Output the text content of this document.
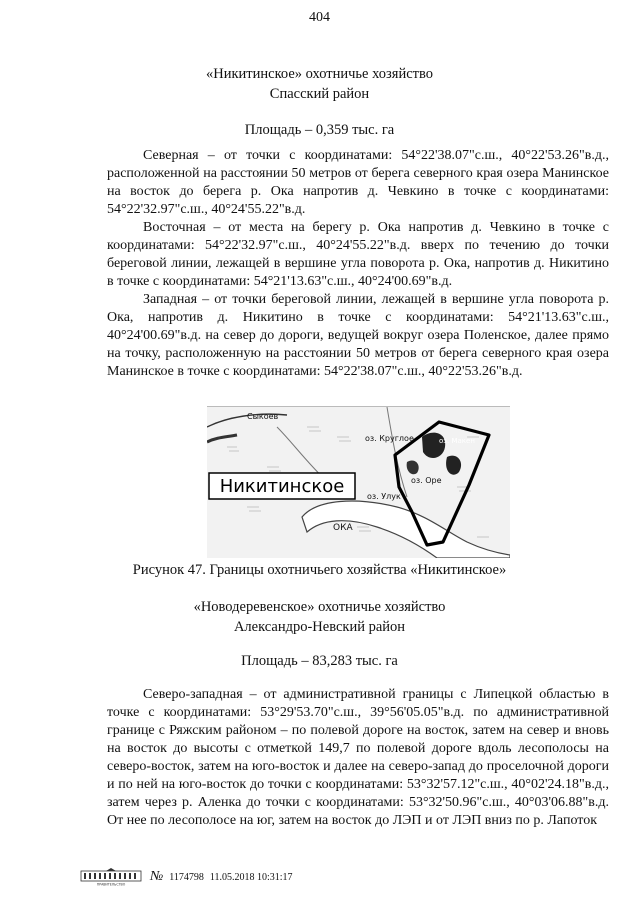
404
«Никитинское» охотничье хозяйство
Спасский район
Площадь – 0,359 тыс. га

Северная – от точки с координатами: 54°22'38.07"с.ш., 40°22'53.26"в.д., расположенной на расстоянии 50 метров от берега северного края озера Манинское на восток до берега р. Ока напротив д. Чевкино в точке с координатами: 54°22'32.97"с.ш., 40°24'55.22"в.д.

Восточная – от места на берегу р. Ока напротив д. Чевкино в точке с координатами: 54°22'32.97"с.ш., 40°24'55.22"в.д. вверх по течению до точки береговой линии, лежащей в вершине угла поворота р. Ока, напротив д. Никитино в точке с координатами: 54°21'13.63"с.ш., 40°24'00.69"в.д.

Западная – от точки береговой линии, лежащей в вершине угла поворота р. Ока, напротив д. Никитино в точке с координатами: 54°21'13.63"с.ш., 40°24'00.69"в.д. на север до дороги, ведущей вокруг озера Поленское, далее прямо на точку, расположенную на расстоянии 50 метров от берега северного края озера Манинское в точке с координатами: 54°22'38.07"с.ш., 40°22'53.26"в.д.

Сыкоев
оз. Круглое	оз. Макен
оз. Оре
оз. Улук
ОКА
Никитинское
Рисунок 47. Границы охотничьего хозяйства «Никитинское»
«Новодеревенское» охотничье хозяйство
Александро-Невский район
Площадь – 83,283 тыс. га

Северо-западная – от административной границы с Липецкой областью в точке с координатами: 53°29'53.70"с.ш., 39°56'05.05"в.д. по административной границе с Ряжским районом – по полевой дороге на восток, затем на север и вновь на восток до высоты с отметкой 149,7 по полевой дороге вдоль лесополосы на северо-восток, затем на юго-восток и далее на северо-запад до проселочной дороги и по ней на юго-восток до точки с координатами: 53°32'57.12"с.ш., 40°02'24.18"в.д., затем через р. Аленка до точки с координатами: 53°32'50.96"с.ш., 40°03'06.88"в.д. От нее по лесополосе на юг, затем на восток до ЛЭП и от ЛЭП вниз по р. Лапоток

ПРАВИТЕЛЬСТВО
№ 1174798 11.05.2018 10:31:17
